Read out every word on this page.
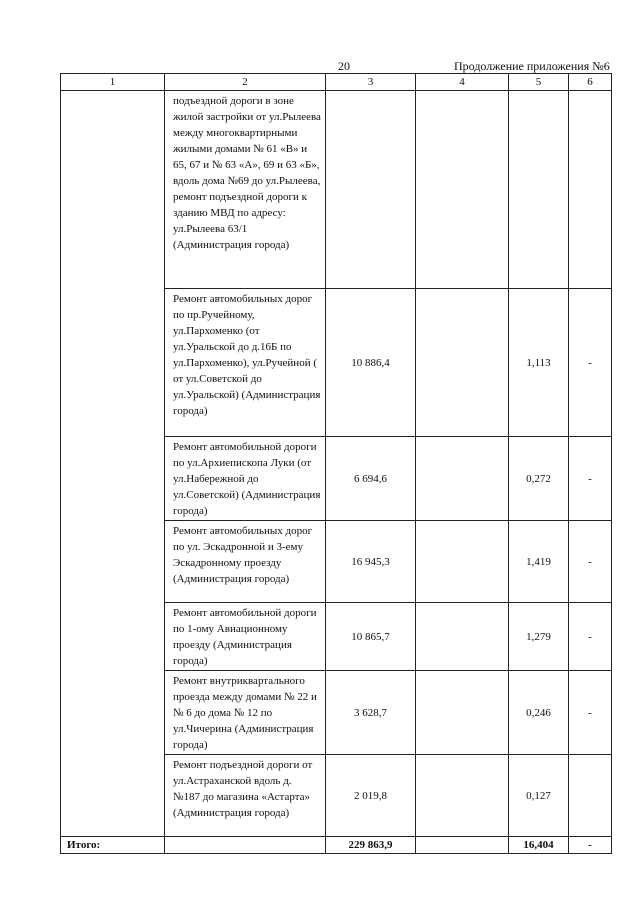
20	Продолжение приложения №6
1	2	3	4	5	6
	подъездной дороги в зоне жилой застройки от ул.Рылеева между многоквартирными жилыми домами № 61 «В» и 65, 67 и № 63 «А», 69 и 63 «Б», вдоль дома №69 до ул.Рылеева, ремонт подъездной дороги к зданию МВД по адресу: ул.Рылеева 63/1 (Администрация города)				
	Ремонт автомобильных дорог по пр.Ручейному, ул.Пархоменко (от ул.Уральской до д.16Б по ул.Пархоменко), ул.Ручейной ( от ул.Советской до ул.Уральской) (Администрация города)	10 886,4		1,113	-
	Ремонт автомобильной дороги по ул.Архиепископа Луки (от ул.Набережной до ул.Советской) (Администрация города)	6 694,6		0,272	-
	Ремонт автомобильных дорог по ул. Эскадронной и 3-ему Эскадронному проезду (Администрация города)	16 945,3		1,419	-
	Ремонт автомобильной дороги по 1-ому Авиационному проезду (Администрация города)	10 865,7		1,279	-
	Ремонт внутриквартального проезда между домами № 22 и № 6 до дома № 12 по ул.Чичерина (Администрация города)	3 628,7		0,246	-
	Ремонт подъездной дороги от ул.Астраханской вдоль д. №187 до магазина «Астарта» (Администрация города)	2 019,8		0,127	
Итого:		229 863,9		16,404	-
